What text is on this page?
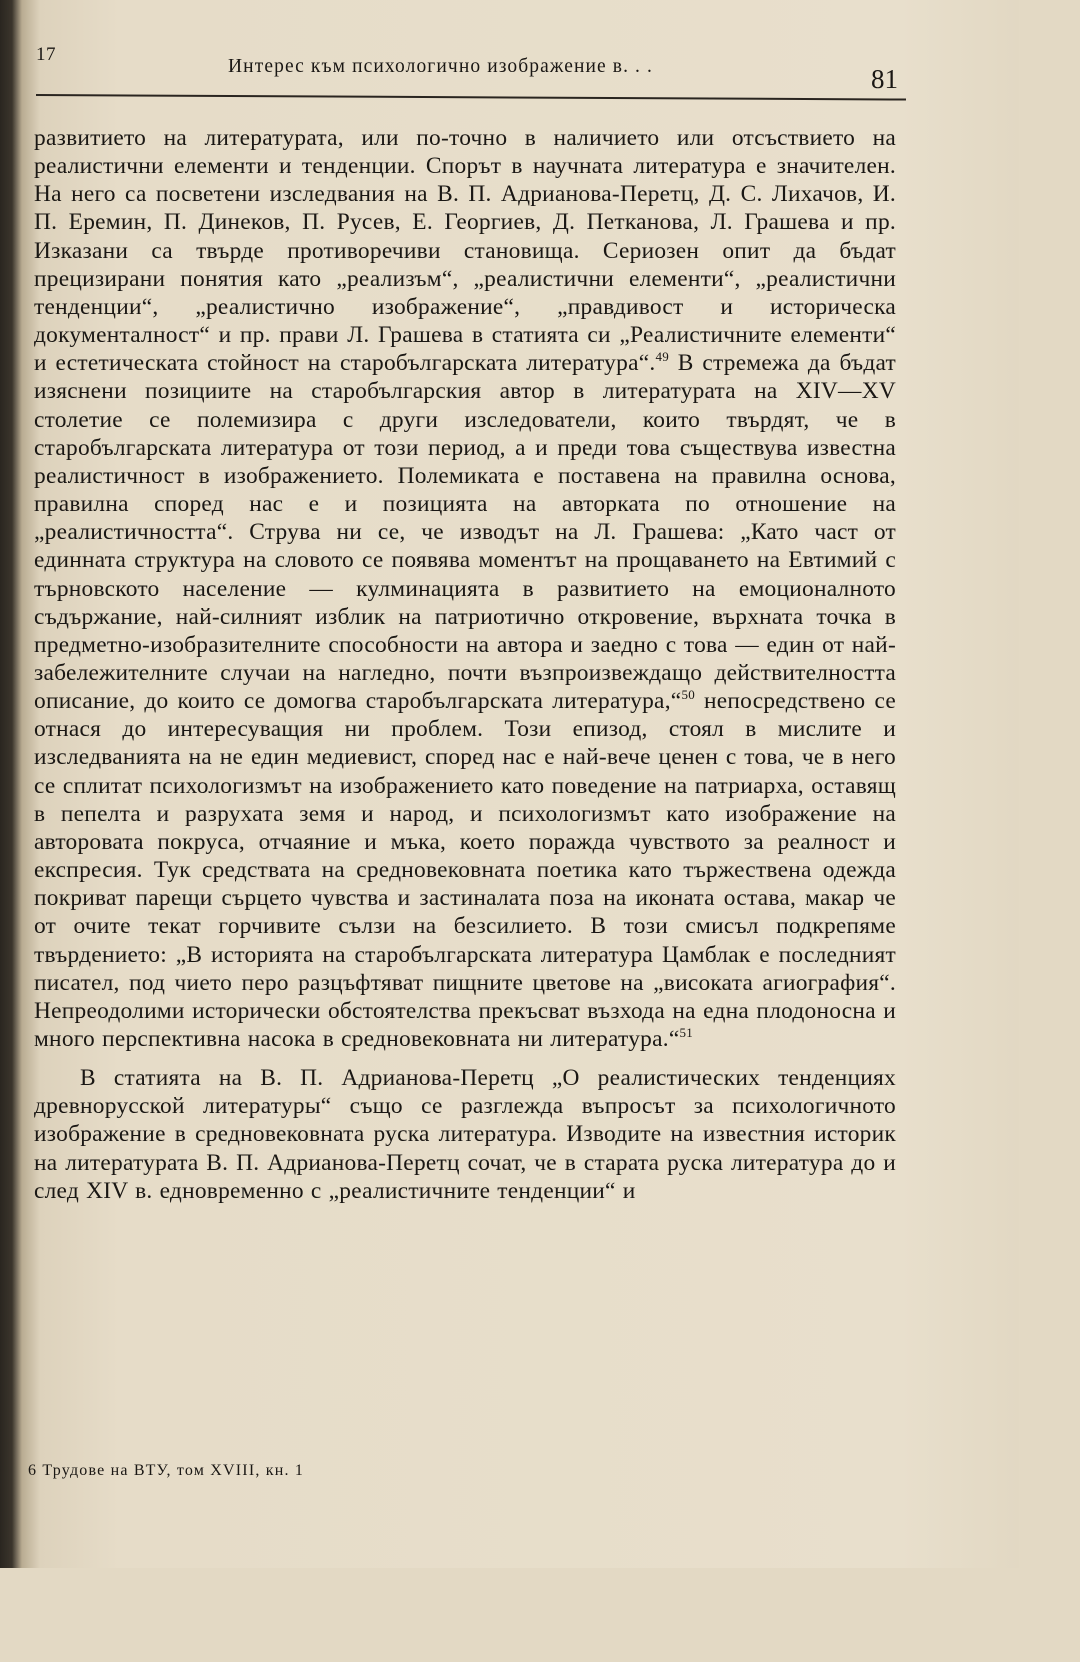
17
Интерес към психологично изображение в. . .	81

развитието на литературата, или по-точно в наличието или отсъствието на реалистични елементи и тенденции. Спорът в научната литература е значителен. На него са посветени изследвания на В. П. Адрианова-Перетц, Д. С. Лихачов, И. П. Еремин, П. Динеков, П. Русев, Е. Георгиев, Д. Петканова, Л. Грашева и пр. Изказани са твърде противоречиви становища. Сериозен опит да бъдат прецизирани понятия като „реализъм“, „реалистични елементи“, „реалистични тенденции“, „реалистично изображение“, „правдивост и историческа документалност“ и пр. прави Л. Грашева в статията си „Реалистичните елементи“ и естетическата стойност на старобългарската литература“.$^{49}$ В стремежа да бъдат изяснени позициите на старобългарския автор в литературата на XIV—XV столетие се полемизира с други изследователи, които твърдят, че в старобългарската литература от този период, а и преди това съществува известна реалистичност в изображението. Полемиката е поставена на правилна основа, правилна според нас е и позицията на авторката по отношение на „реалистичността“. Струва ни се, че изводът на Л. Грашева: „Като част от единната структура на словото се появява моментът на прощаването на Евтимий с търновското население — кулминацията в развитието на емоционалното съдържание, най-силният изблик на патриотично откровение, върхната точка в предметно-изобразителните способности на автора и заедно с това — един от най-забележителните случаи на нагледно, почти възпроизвеждащо действителността описание, до които се домогва старобългарската литература,“$^{50}$ непосредствено се отнася до интересуващия ни проблем. Този епизод, стоял в мислите и изследванията на не един медиевист, според нас е най-вече ценен с това, че в него се сплитат психологизмът на изображението като поведение на патриарха, оставящ в пепелта и разрухата земя и народ, и психологизмът като изображение на авторовата покруса, отчаяние и мъка, което поражда чувството за реалност и експресия. Тук средствата на средновековната поетика като тържествена одежда покриват парещи сърцето чувства и застиналата поза на иконата остава, макар че от очите текат горчивите сълзи на безсилието. В този смисъл подкрепяме твърдението: „В историята на старобългарската литература Цамблак е последният писател, под чието перо разцъфтяват пищните цветове на „високата агиография“. Непреодолими исторически обстоятелства прекъсват възхода на една плодоносна и много перспективна насока в средновековната ни литература.“$^{51}$

В статията на В. П. Адрианова-Перетц „О реалистических тенденциях древнорусской литературы“ също се разглежда въпросът за психологичното изображение в средновековната руска литература. Изводите на известния историк на литературата В. П. Адрианова-Перетц сочат, че в старата руска литература до и след XIV в. едновременно с „реалистичните тенденции“ и

6 Трудове на ВТУ, том XVIII, кн. 1
